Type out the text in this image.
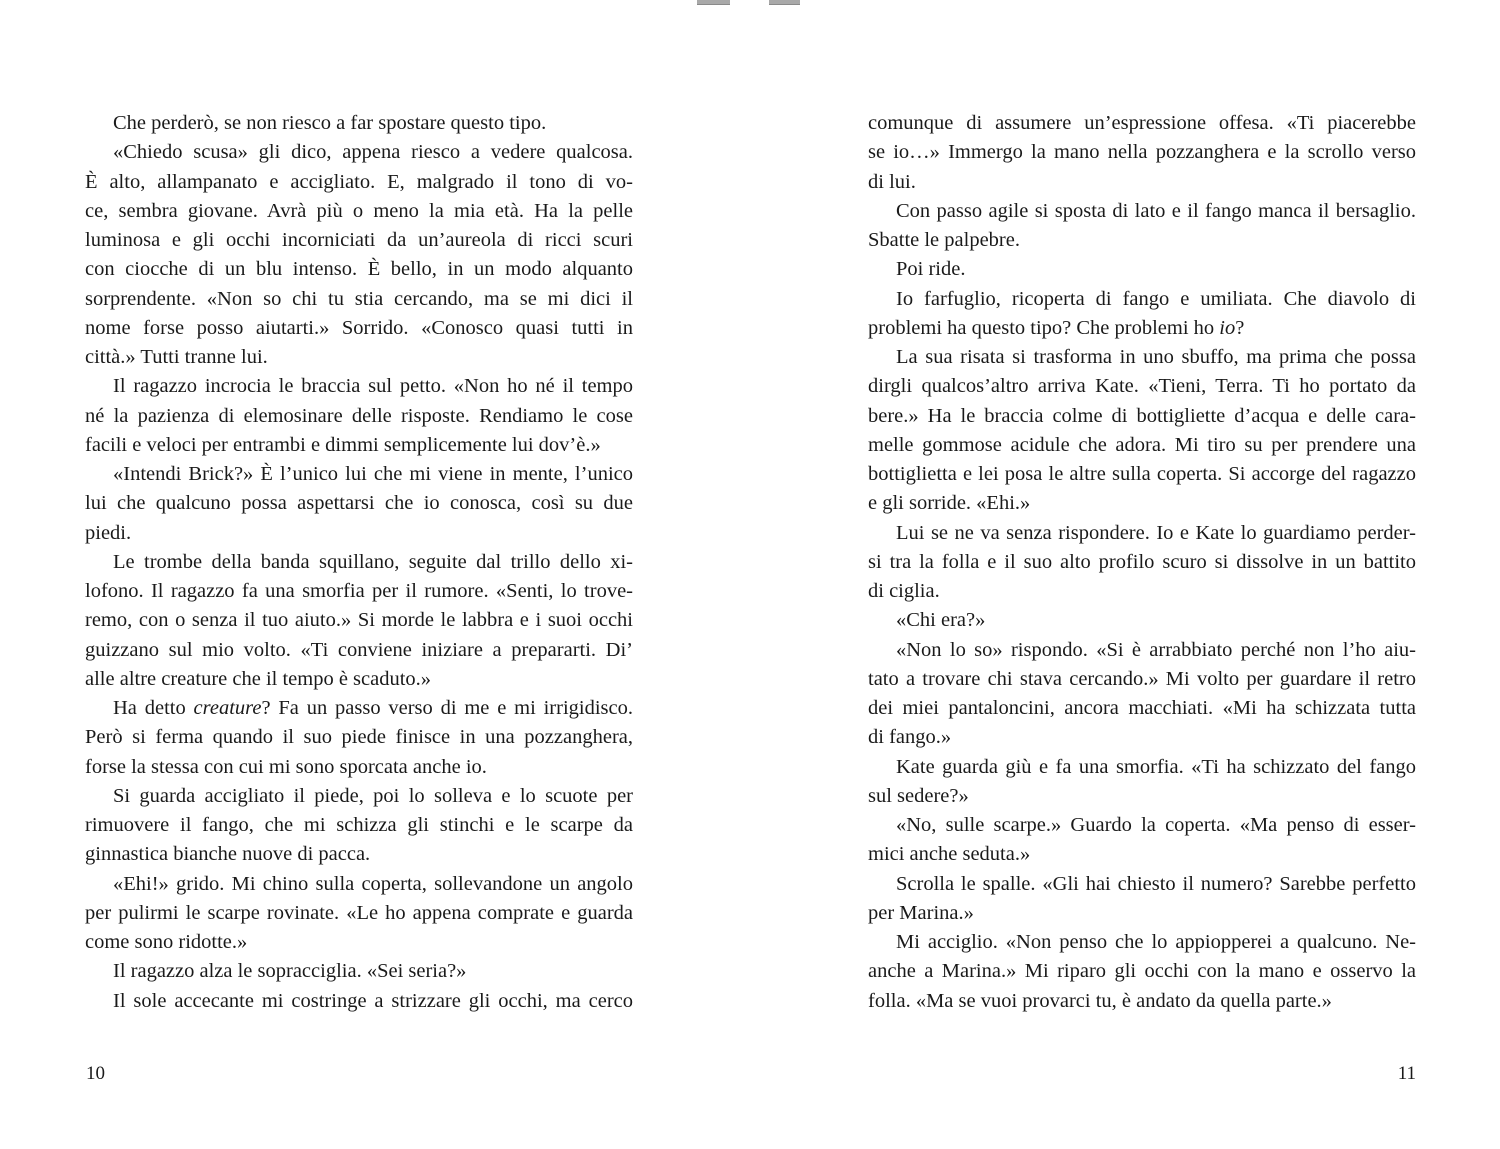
Che perderò, se non riesco a far spostare questo tipo.
«Chiedo scusa» gli dico, appena riesco a vedere qualcosa.
È alto, allampanato e accigliato. E, malgrado il tono di vo-
ce, sembra giovane. Avrà più o meno la mia età. Ha la pelle
luminosa e gli occhi incorniciati da un’aureola di ricci scuri
con ciocche di un blu intenso. È bello, in un modo alquanto
sorprendente. «Non so chi tu stia cercando, ma se mi dici il
nome forse posso aiutarti.» Sorrido. «Conosco quasi tutti in
città.» Tutti tranne lui.
Il ragazzo incrocia le braccia sul petto. «Non ho né il tempo
né la pazienza di elemosinare delle risposte. Rendiamo le cose
facili e veloci per entrambi e dimmi semplicemente lui dov’è.»
«Intendi Brick?» È l’unico lui che mi viene in mente, l’unico
lui che qualcuno possa aspettarsi che io conosca, così su due
piedi.
Le trombe della banda squillano, seguite dal trillo dello xi-
lofono. Il ragazzo fa una smorfia per il rumore. «Senti, lo trove-
remo, con o senza il tuo aiuto.» Si morde le labbra e i suoi occhi
guizzano sul mio volto. «Ti conviene iniziare a prepararti. Di’
alle altre creature che il tempo è scaduto.»
Ha detto creature? Fa un passo verso di me e mi irrigidisco.
Però si ferma quando il suo piede finisce in una pozzanghera,
forse la stessa con cui mi sono sporcata anche io.
Si guarda accigliato il piede, poi lo solleva e lo scuote per
rimuovere il fango, che mi schizza gli stinchi e le scarpe da
ginnastica bianche nuove di pacca.
«Ehi!» grido. Mi chino sulla coperta, sollevandone un angolo
per pulirmi le scarpe rovinate. «Le ho appena comprate e guarda
come sono ridotte.»
Il ragazzo alza le sopracciglia. «Sei seria?»
Il sole accecante mi costringe a strizzare gli occhi, ma cerco
10
comunque di assumere un’espressione offesa. «Ti piacerebbe
se io…» Immergo la mano nella pozzanghera e la scrollo verso
di lui.
Con passo agile si sposta di lato e il fango manca il bersaglio.
Sbatte le palpebre.
Poi ride.
Io farfuglio, ricoperta di fango e umiliata. Che diavolo di
problemi ha questo tipo? Che problemi ho io?
La sua risata si trasforma in uno sbuffo, ma prima che possa
dirgli qualcos’altro arriva Kate. «Tieni, Terra. Ti ho portato da
bere.» Ha le braccia colme di bottigliette d’acqua e delle cara-
melle gommose acidule che adora. Mi tiro su per prendere una
bottiglietta e lei posa le altre sulla coperta. Si accorge del ragazzo
e gli sorride. «Ehi.»
Lui se ne va senza rispondere. Io e Kate lo guardiamo perder-
si tra la folla e il suo alto profilo scuro si dissolve in un battito
di ciglia.
«Chi era?»
«Non lo so» rispondo. «Si è arrabbiato perché non l’ho aiu-
tato a trovare chi stava cercando.» Mi volto per guardare il retro
dei miei pantaloncini, ancora macchiati. «Mi ha schizzata tutta
di fango.»
Kate guarda giù e fa una smorfia. «Ti ha schizzato del fango
sul sedere?»
«No, sulle scarpe.» Guardo la coperta. «Ma penso di esser-
mici anche seduta.»
Scrolla le spalle. «Gli hai chiesto il numero? Sarebbe perfetto
per Marina.»
Mi acciglio. «Non penso che lo appiopperei a qualcuno. Ne-
anche a Marina.» Mi riparo gli occhi con la mano e osservo la
folla. «Ma se vuoi provarci tu, è andato da quella parte.»
11
